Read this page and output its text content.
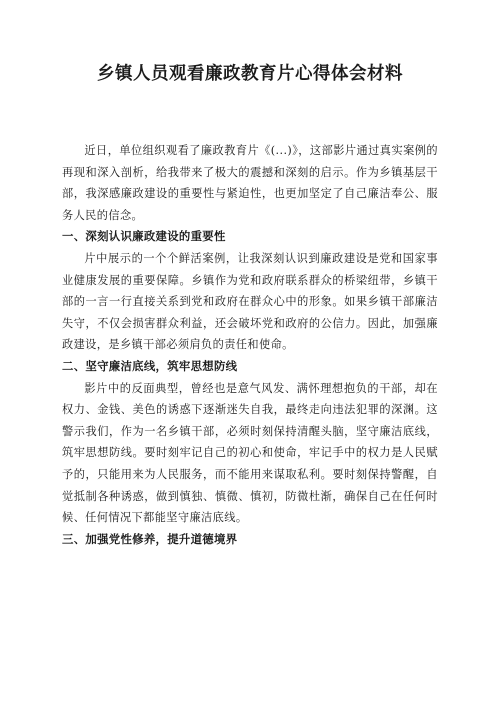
乡镇人员观看廉政教育片心得体会材料

近日，单位组织观看了廉政教育片《(...)》，这部影片通过真实案例的再现和深入剖析，给我带来了极大的震撼和深刻的启示。作为乡镇基层干部，我深感廉政建设的重要性与紧迫性，也更加坚定了自己廉洁奉公、服务人民的信念。

一、深刻认识廉政建设的重要性

片中展示的一个个鲜活案例，让我深刻认识到廉政建设是党和国家事业健康发展的重要保障。乡镇作为党和政府联系群众的桥梁纽带，乡镇干部的一言一行直接关系到党和政府在群众心中的形象。如果乡镇干部廉洁失守，不仅会损害群众利益，还会破坏党和政府的公信力。因此，加强廉政建设，是乡镇干部必须肩负的责任和使命。

二、坚守廉洁底线，筑牢思想防线

影片中的反面典型，曾经也是意气风发、满怀理想抱负的干部，却在权力、金钱、美色的诱惑下逐渐迷失自我，最终走向违法犯罪的深渊。这警示我们，作为一名乡镇干部，必须时刻保持清醒头脑，坚守廉洁底线，筑牢思想防线。要时刻牢记自己的初心和使命，牢记手中的权力是人民赋予的，只能用来为人民服务，而不能用来谋取私利。要时刻保持警醒，自觉抵制各种诱惑，做到慎独、慎微、慎初，防微杜渐，确保自己在任何时候、任何情况下都能坚守廉洁底线。

三、加强党性修养，提升道德境界
